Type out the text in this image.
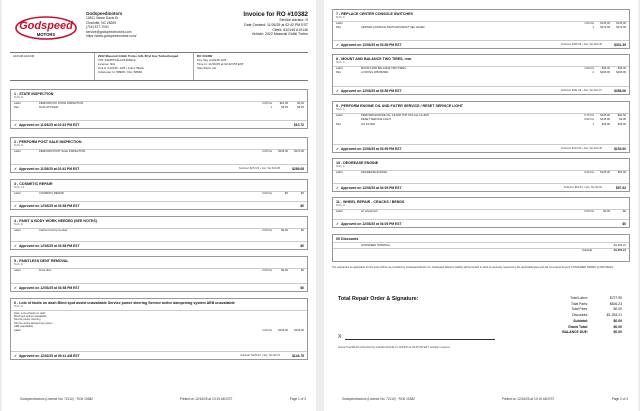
Godspeed
MOTORS
Godspeedmotors
11801 Vance Davis Dr
Charlotte, NC 28269
(704) 877-7000
service@godspeedmotors.com
https://www.godspeedmotors.com/
Invoice for RO #10382
Service Advisor: R
Date Created: 11/26/25 at 02:42 PM EST
Client: A10146 A10146
Vehicle: 2022 Maserati Ghibli Trofeo
A10146 A10146	2022 Maserati Ghibli Trofeo 3.8L 8Cyl Gas Turbocharged
VIN: ZAM57XSL1N1368412
License: N/A
Unit #: A10146, 12/5 / Color: Black
Odometer In: 58966 / Out: 58966
RO #10382
Key Tag: A10146 12/5
Time In: 11/26/25 at 02:42 PM EST
Saw Parts: No
1 - STATE INSPECTION
Tech: H
Labor	PERFORM NC STATE INSPECTION	0.00 hrs	$22.38	$0.00
Part	NCSI STICKER	1	$6.25	$6.25
✓ Approved on 11/26/25 at 02:43 PM EST	$10.72
2 - PERFORM POST SALE INSPECTION
Tech: H
Labor	PERFORM POST SALE INSPECTION	2.00 hrs	$135.00	$270.00
✓ Approved on 11/26/25 at 02:43 PM EST	Subtotal: $270.00 + Est. Tax $19.08	$289.08
3 - COSMETIC REPAIR
Tech: C1
Labor	COSMETIC REPAIR	0.00 hrs	$0	$0
✓ Approved on 12/03/25 at 03:58 PM EST	$0
4 - PAINT & BODY WORK NEEDED (SEE NOTES)
Tech: H
Labor	Carbon front lip re-clear	0.00 hrs	$0.00	$0
✓ Approved on 12/03/25 at 03:58 PM EST	$0
5 - PAINTLESS DENT REMOVAL
Tech: H
Labor	Front door	0.00 hrs	$0.00	$0
✓ Approved on 12/03/25 at 03:58 PM EST	$0
6 - Lots of faults on dash Blind spot assist unavailable Service power steering Service active dampening system AEB unavailable
Tech: H
Note: Lots of faults on dash
Blind spot assist unavailable
Service power steering
Service active dampening system
AEB unavailable
Labor	1.00 hrs	$135.00	$135.00
✓ Approved on 12/02/25 at 09:41 AM EST	Subtotal: $135.00 + Est. Tax $9.79	$144.79
Godspeedmotors (License No: 72110) · RO# 10382	Printed on 12/16/25 at 10:19 AM EST	Page 1 of 3
7 - REPLACE CENTER CONSOLE SWITCHES
Tech: C
Labor	1.00 hrs	$135.00	$135.00
Part	CENTER CONSOLE SWITCHES/SHIFT SEL LEVER	1	$173.99	$173.99
✓ Approved on 12/03/25 at 03:58 PM EST	Subtotal: $308.99 + Est. Tax $22.40	$331.39
8 - MOUNT AND BALANCE TWO TIRES, rear
Tech: C
Labor	MOUNT AND BALANCE TWO TIRES	1.00 hrs	$35.00	$35.00
Part	LOCKING 285/35ZR21	2	$296.99	$296.99
✓ Approved on 12/03/25 at 03:58 PM EST	Subtotal: $331.99 + Est. Tax $24.07	$356.06
9 - PERFORM ENGINE OIL AND FILTER SERVICE / RESET SERVICE LIGHT
Tech: C
Labor	PERFORM ENGINE OIL, FILTER TOP OFF ALL FLUIDS	0.70 hrs	$135.00	$94.50
RESET SERVICE LIGHT	0.00 hrs	$135.00	$0.00
Part	OIL FILTER	1	$49.00	$49.00
✓ Approved on 12/03/25 at 03:59 PM EST	Subtotal: $143.50 + Est. Tax $10.40	$153.90
10 - DEGREASE ENGINE
Tech: C
Labor	DEGREASE ENGINE	0.40 hrs	$135.00	$54.00
✓ Approved on 12/03/25 at 04:05 PM EST	Subtotal: $54.00 + Est. Tax $3.92	$57.92
11 - WHEEL REPAIR - CRACKS / BENDS
Tech: H
Labor	LF wheel bent	0.00 hrs	$0.00	$0
✓ Approved on 12/03/25 at 04:05 PM EST	$0
00 Discounts
GODSPEED INTERNAL	-$1,254.21
Subtotal	-$1,254.21
The warranties as applicable for the parts will be as provided by Godspeed Motors Inc. Godspeed Motors's liability will be limited to what is expressly required by the applicable laws and will not extend beyond CONSUMER TERMS 12,000 MILES.
Total Repair Order & Signature:	Total Labor:	$727.99
Total Parts:	$526.23
Total Fees:	$0.00
Discounts:	-$1,254.21
Subtotal:	$0.00
Grand Total:	$0.00
BALANCE DUE:	$0.00
X
Grand Total $0.00 authorized by A10146 A10146 on 12/03/25 at 04:05 PM EST verbally in-person
Godspeedmotors (License No: 72110) · RO# 10382	Printed on 12/16/25 at 10:19 AM EST	Page 2 of 3
